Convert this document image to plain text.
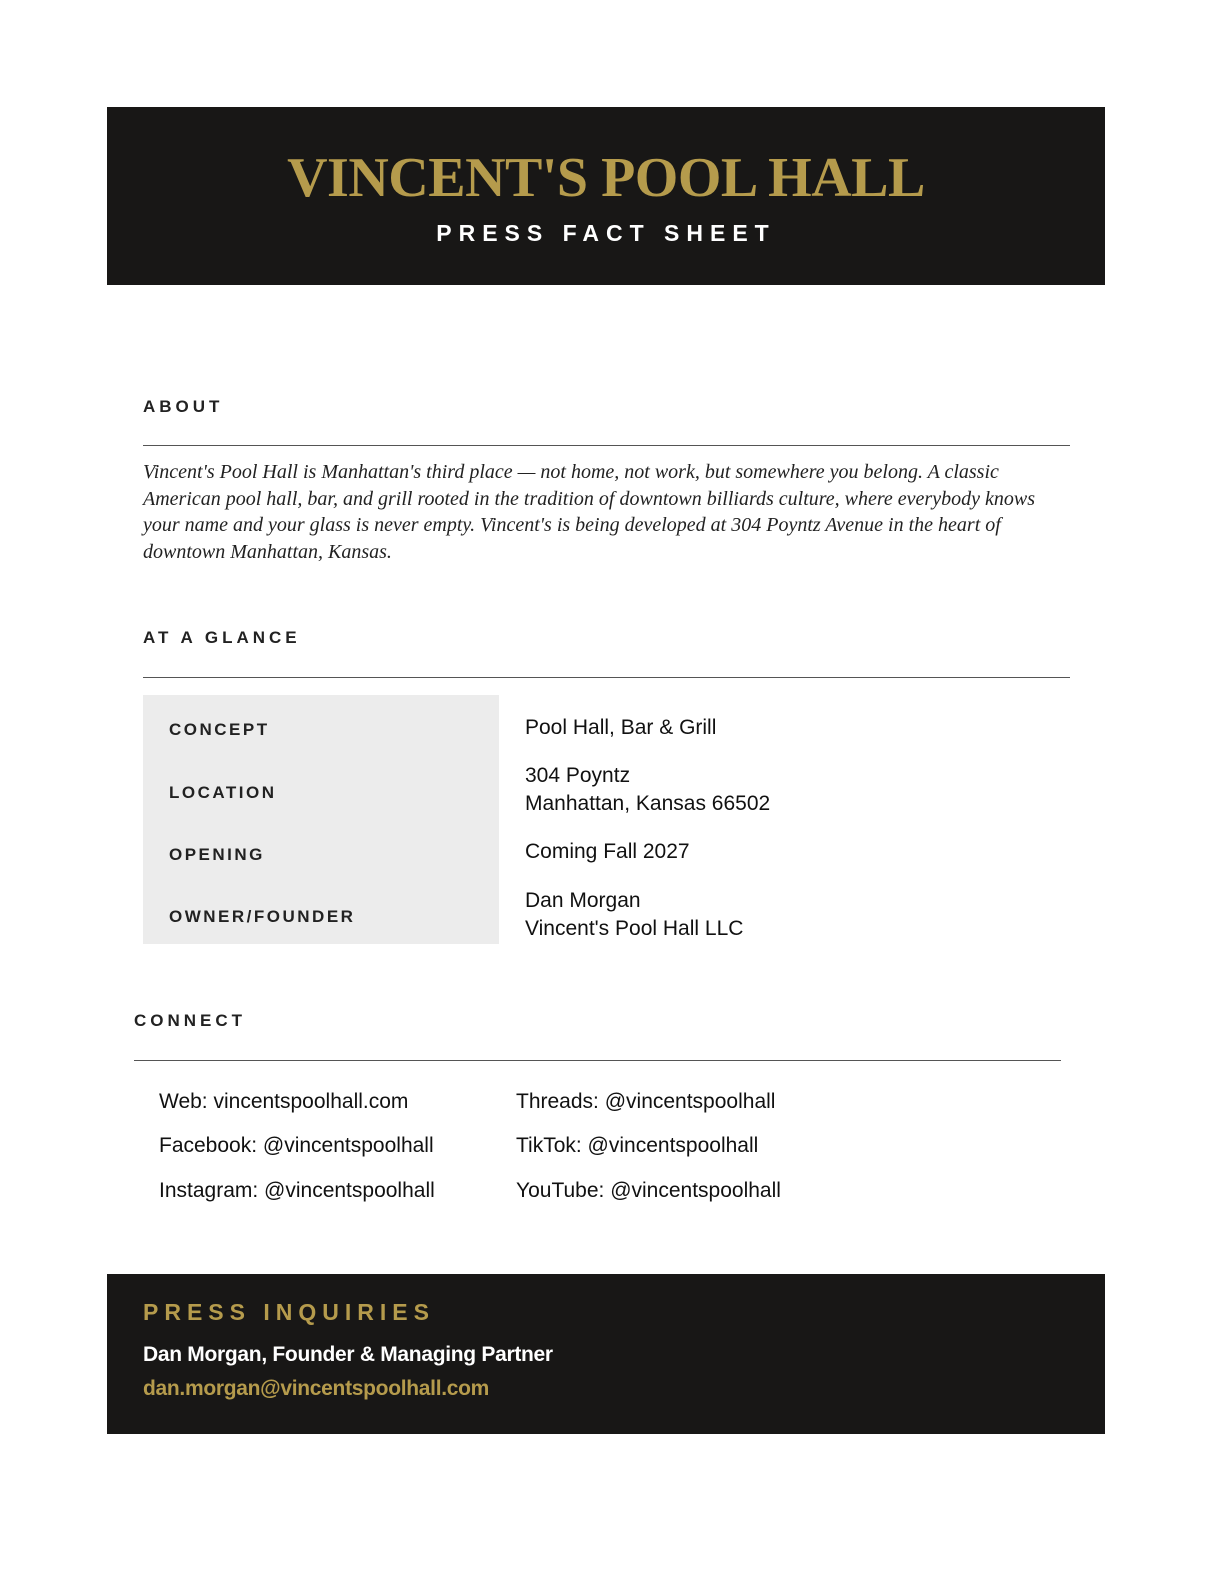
VINCENT'S POOL HALL
PRESS FACT SHEET
ABOUT
Vincent's Pool Hall is Manhattan's third place — not home, not work, but somewhere you belong. A classic American pool hall, bar, and grill rooted in the tradition of downtown billiards culture, where everybody knows your name and your glass is never empty. Vincent's is being developed at 304 Poyntz Avenue in the heart of downtown Manhattan, Kansas.
AT A GLANCE
CONCEPT
LOCATION
OPENING
OWNER/FOUNDER
Pool Hall, Bar & Grill
304 Poyntz
Manhattan, Kansas 66502
Coming Fall 2027
Dan Morgan
Vincent's Pool Hall LLC
CONNECT
Web: vincentspoolhall.com
Facebook: @vincentspoolhall
Instagram: @vincentspoolhall
Threads: @vincentspoolhall
TikTok: @vincentspoolhall
YouTube: @vincentspoolhall
PRESS INQUIRIES
Dan Morgan, Founder & Managing Partner
dan.morgan@vincentspoolhall.com
